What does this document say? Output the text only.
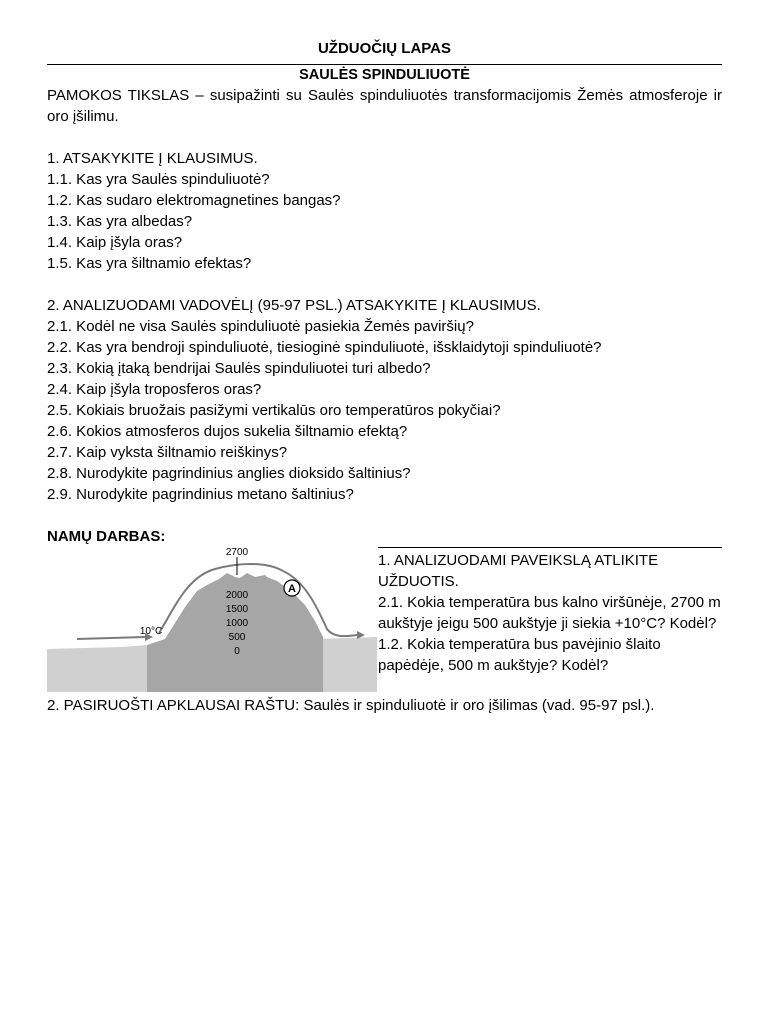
UŽDUOČIŲ LAPAS

SAULĖS SPINDULIUOTĖ

PAMOKOS TIKSLAS – susipažinti su Saulės spinduliuotės transformacijomis Žemės atmosferoje ir oro įšilimu.

1. ATSAKYKITE Į KLAUSIMUS.

1.1. Kas yra Saulės spinduliuotė?

1.2. Kas sudaro elektromagnetines bangas?

1.3. Kas yra albedas?

1.4. Kaip įšyla oras?

1.5. Kas yra šiltnamio efektas?

2. ANALIZUODAMI VADOVĖLĮ (95-97 PSL.) ATSAKYKITE Į KLAUSIMUS.

2.1. Kodėl ne visa Saulės spinduliuotė pasiekia Žemės paviršių?

2.2. Kas yra bendroji spinduliuotė, tiesioginė spinduliuotė, išsklaidytoji spinduliuotė?

2.3. Kokią įtaką bendrijai Saulės spinduliuotei turi albedo?

2.4. Kaip įšyla troposferos oras?

2.5. Kokiais bruožais pasižymi vertikalūs oro temperatūros pokyčiai?

2.6. Kokios atmosferos dujos sukelia šiltnamio efektą?

2.7. Kaip vyksta šiltnamio reiškinys?

2.8. Nurodykite pagrindinius anglies dioksido šaltinius?

2.9. Nurodykite pagrindinius metano šaltinius?

NAMŲ DARBAS:

2700
2000
1500
1000
500
0
10°C
A

1. ANALIZUODAMI PAVEIKSLĄ ATLIKITE UŽDUOTIS.

2.1. Kokia temperatūra bus kalno viršūnėje, 2700 m aukštyje jeigu 500 aukštyje ji siekia +10°C? Kodėl?

1.2. Kokia temperatūra bus pavėjinio šlaito papėdėje, 500 m aukštyje? Kodėl?

2. PASIRUOŠTI APKLAUSAI RAŠTU: Saulės ir spinduliuotė ir oro įšilimas (vad. 95-97 psl.).
